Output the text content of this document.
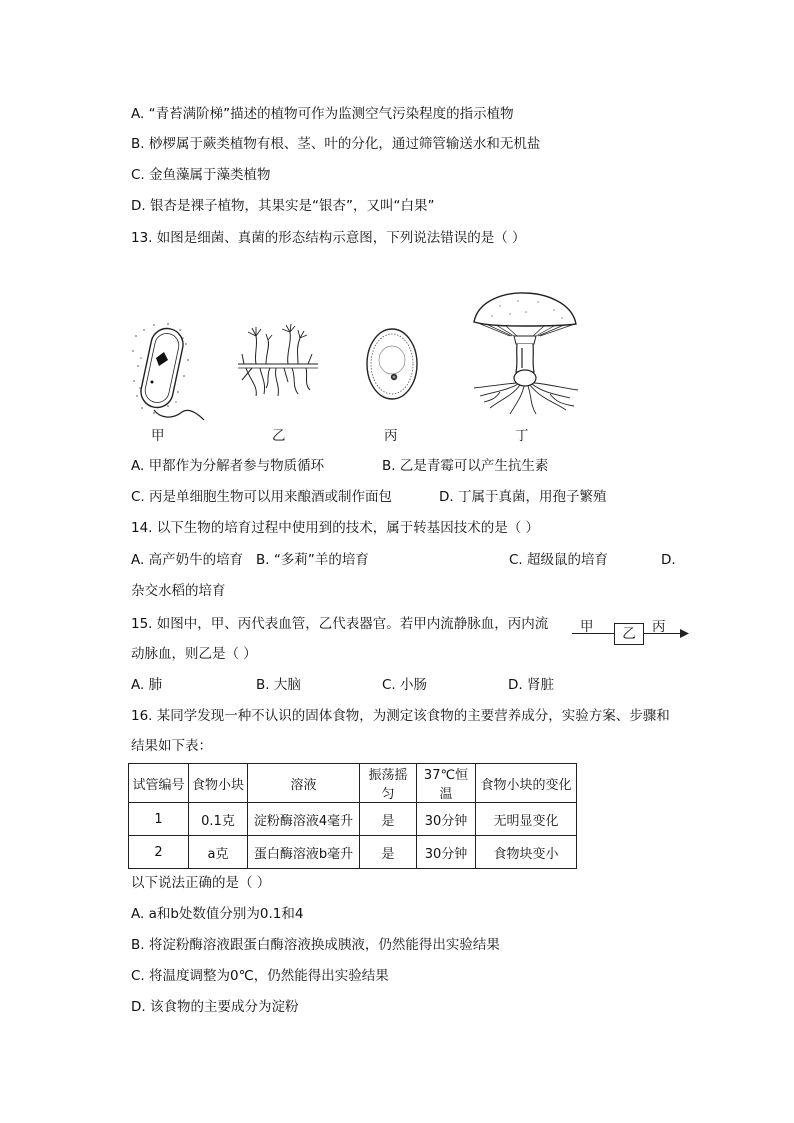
A. “青苔满阶梯”描述的植物可作为监测空气污染程度的指示植物
B. 桫椤属于蕨类植物有根、茎、叶的分化，通过筛管输送水和无机盐
C. 金鱼藻属于藻类植物
D. 银杏是裸子植物，其果实是“银杏”，又叫“白果”
13. 如图是细菌、真菌的形态结构示意图，下列说法错误的是（ ）
甲	乙	丙	丁
A. 甲都作为分解者参与物质循环	B. 乙是青霉可以产生抗生素
C. 丙是单细胞生物可以用来酿酒或制作面包	D. 丁属于真菌，用孢子繁殖
14. 以下生物的培育过程中使用到的技术，属于转基因技术的是（ ）
A. 高产奶牛的培育 B. “多莉”羊的培育	C. 超级鼠的培育	D.
杂交水稻的培育
15. 如图中，甲、丙代表血管，乙代表器官。若甲内流静脉血，丙内流
动脉血，则乙是（ ）
甲	乙	丙
A. 肺	B. 大脑	C. 小肠	D. 肾脏
16. 某同学发现一种不认识的固体食物，为测定该食物的主要营养成分，实验方案、步骤和
结果如下表：
试管编号	食物小块	溶液	振荡摇匀	37℃恒温	食物小块的变化
1	0.1克	淀粉酶溶液4毫升	是	30分钟	无明显变化
2	a克	蛋白酶溶液b毫升	是	30分钟	食物块变小
以下说法正确的是（ ）
A. a和b处数值分别为0.1和4
B. 将淀粉酶溶液跟蛋白酶溶液换成胰液，仍然能得出实验结果
C. 将温度调整为0℃，仍然能得出实验结果
D. 该食物的主要成分为淀粉
